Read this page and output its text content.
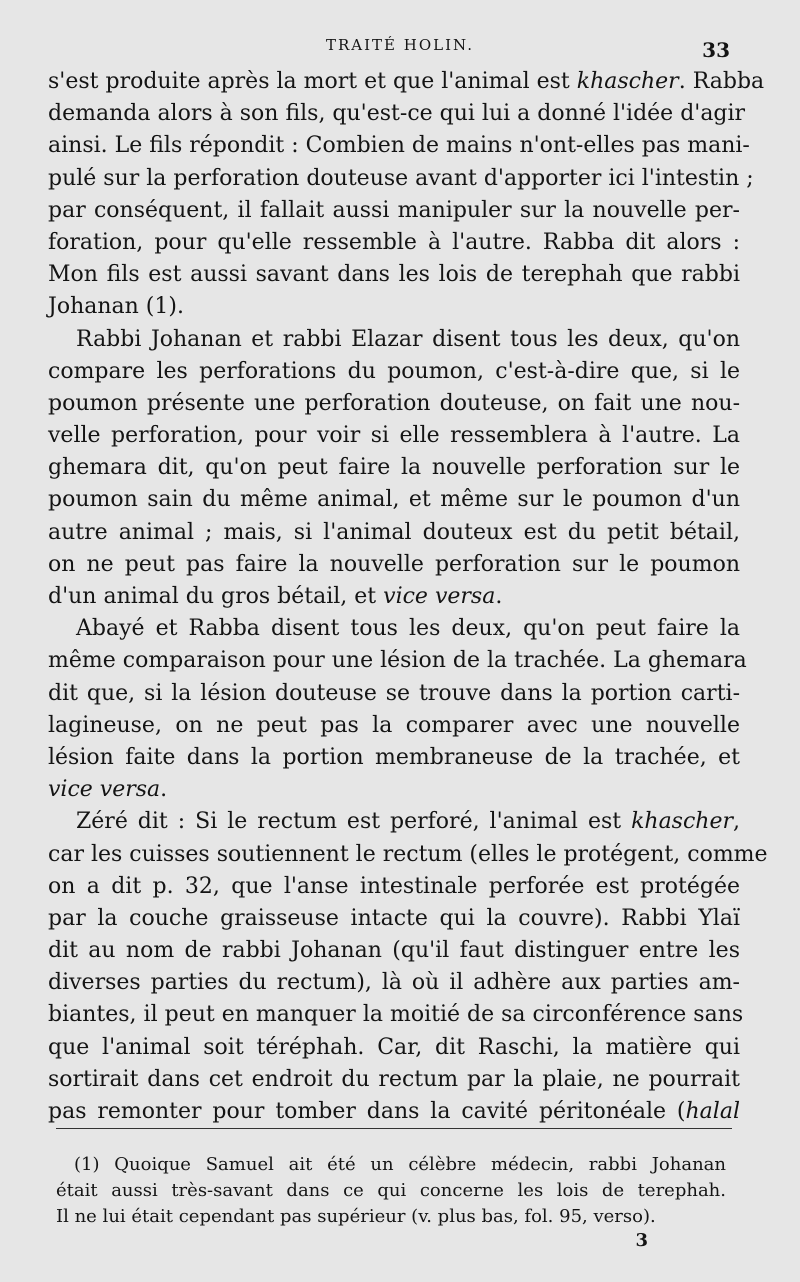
TRAITÉ HOLIN.	33
s'est produite après la mort et que l'animal est khascher. Rabba
demanda alors à son fils, qu'est-ce qui lui a donné l'idée d'agir
ainsi. Le fils répondit : Combien de mains n'ont-elles pas mani-
pulé sur la perforation douteuse avant d'apporter ici l'intestin ;
par conséquent, il fallait aussi manipuler sur la nouvelle per-
foration, pour qu'elle ressemble à l'autre. Rabba dit alors :
Mon fils est aussi savant dans les lois de terephah que rabbi
Johanan (1).
Rabbi Johanan et rabbi Elazar disent tous les deux, qu'on
compare les perforations du poumon, c'est-à-dire que, si le
poumon présente une perforation douteuse, on fait une nou-
velle perforation, pour voir si elle ressemblera à l'autre. La
ghemara dit, qu'on peut faire la nouvelle perforation sur le
poumon sain du même animal, et même sur le poumon d'un
autre animal ; mais, si l'animal douteux est du petit bétail,
on ne peut pas faire la nouvelle perforation sur le poumon
d'un animal du gros bétail, et vice versa.
Abayé et Rabba disent tous les deux, qu'on peut faire la
même comparaison pour une lésion de la trachée. La ghemara
dit que, si la lésion douteuse se trouve dans la portion carti-
lagineuse, on ne peut pas la comparer avec une nouvelle
lésion faite dans la portion membraneuse de la trachée, et
vice versa.
Zéré dit : Si le rectum est perforé, l'animal est khascher,
car les cuisses soutiennent le rectum (elles le protégent, comme
on a dit p. 32, que l'anse intestinale perforée est protégée
par la couche graisseuse intacte qui la couvre). Rabbi Ylaï
dit au nom de rabbi Johanan (qu'il faut distinguer entre les
diverses parties du rectum), là où il adhère aux parties am-
biantes, il peut en manquer la moitié de sa circonférence sans
que l'animal soit téréphah. Car, dit Raschi, la matière qui
sortirait dans cet endroit du rectum par la plaie, ne pourrait
pas remonter pour tomber dans la cavité péritonéale (halal
(1) Quoique Samuel ait été un célèbre médecin, rabbi Johanan
était aussi très-savant dans ce qui concerne les lois de terephah.
Il ne lui était cependant pas supérieur (v. plus bas, fol. 95, verso).
3
